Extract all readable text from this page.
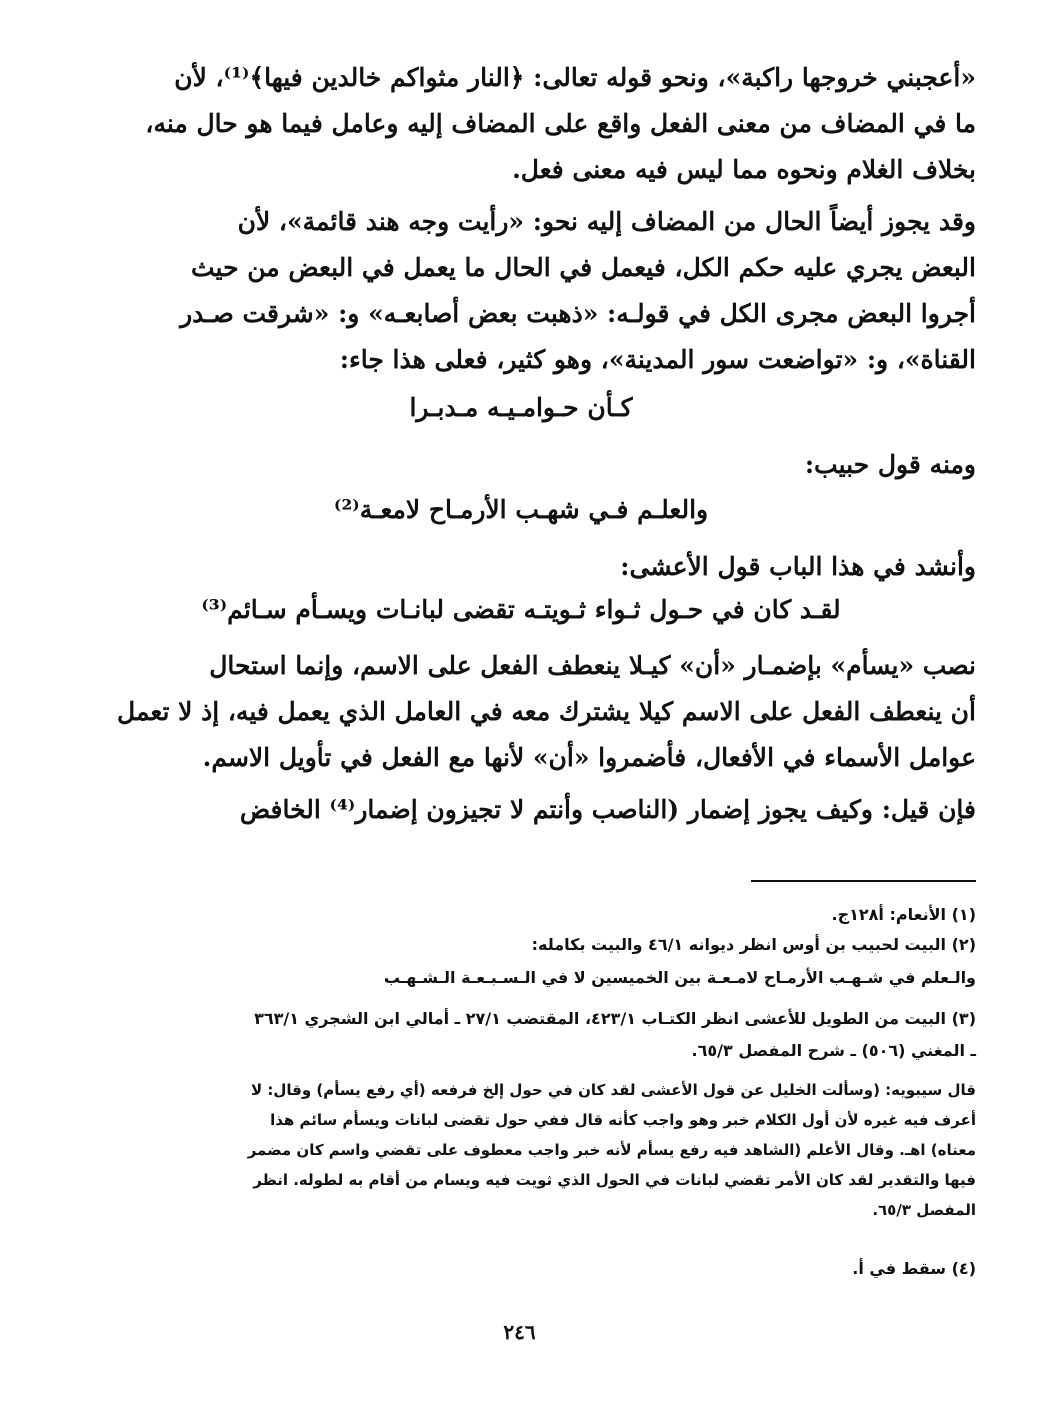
«أعجبني خروجها راكبة»، ونحو قوله تعالى: ﴿النار مثواكم خالدين فيها﴾⁽¹⁾، لأن
ما في المضاف من معنى الفعل واقع على المضاف إليه وعامل فيما هو حال منه،
بخلاف الغلام ونحوه مما ليس فيه معنى فعل.
وقد يجوز أيضاً الحال من المضاف إليه نحو: «رأيت وجه هند قائمة»، لأن
البعض يجري عليه حكم الكل، فيعمل في الحال ما يعمل في البعض من حيث
أجروا البعض مجرى الكل في قولـه: «ذهبت بعض أصابعـه» و: «شرقت صـدر
القناة»، و: «تواضعت سور المدينة»، وهو كثير، فعلى هذا جاء:
كـأن حـوامـيـه مـدبـرا
ومنه قول حبيب:
والعلـم فـي شهـب الأرمـاح لامعـة⁽²⁾
وأنشد في هذا الباب قول الأعشى:
لقـد كان في حـول ثـواء ثـويتـه تقضى لبانـات ويسـأم سـائم⁽³⁾
نصب «يسأم» بإضمـار «أن» كيـلا ينعطف الفعل على الاسم، وإنما استحال
أن ينعطف الفعل على الاسم كيلا يشترك معه في العامل الذي يعمل فيه، إذ لا تعمل
عوامل الأسماء في الأفعال، فأضمروا «أن» لأنها مع الفعل في تأويل الاسم.
فإن قيل: وكيف يجوز إضمار (الناصب وأنتم لا تجيزون إضمار⁽⁴⁾ الخافض
(١) الأنعام: أ١٢٨ج.
(٢) البيت لحبيب بن أوس انظر ديوانه ٤٦/١ والبيت بكامله:
والـعلم في شـهـب الأرمـاح لامـعـة بين الخميسين لا في الـسـبـعـة الـشـهـب
(٣) البيت من الطويل للأعشى انظر الكتـاب ٤٢٣/١، المقتضب ٢٧/١ ـ أمالي ابن الشجري ٣٦٣/١
ـ المغني (٥٠٦) ـ شرح المفصل ٦٥/٣.
قال سيبويه: (وسألت الخليل عن قول الأعشى لقد كان في حول إلخ فرفعه (أي رفع يسأم) وقال: لا
أعرف فيه غيره لأن أول الكلام خبر وهو واجب كأنه قال ففي حول تقضى لبانات ويسأم سائم هذا
معناه) اهـ. وقال الأعلم (الشاهد فيه رفع يسأم لأنه خبر واجب معطوف على تقضي واسم كان مضمر
فيها والتقدير لقد كان الأمر تقضي لبانات في الحول الذي ثويت فيه ويسام من أقام به لطوله. انظر
المفصل ٦٥/٣.
(٤) سقط في أ.
٢٤٦
